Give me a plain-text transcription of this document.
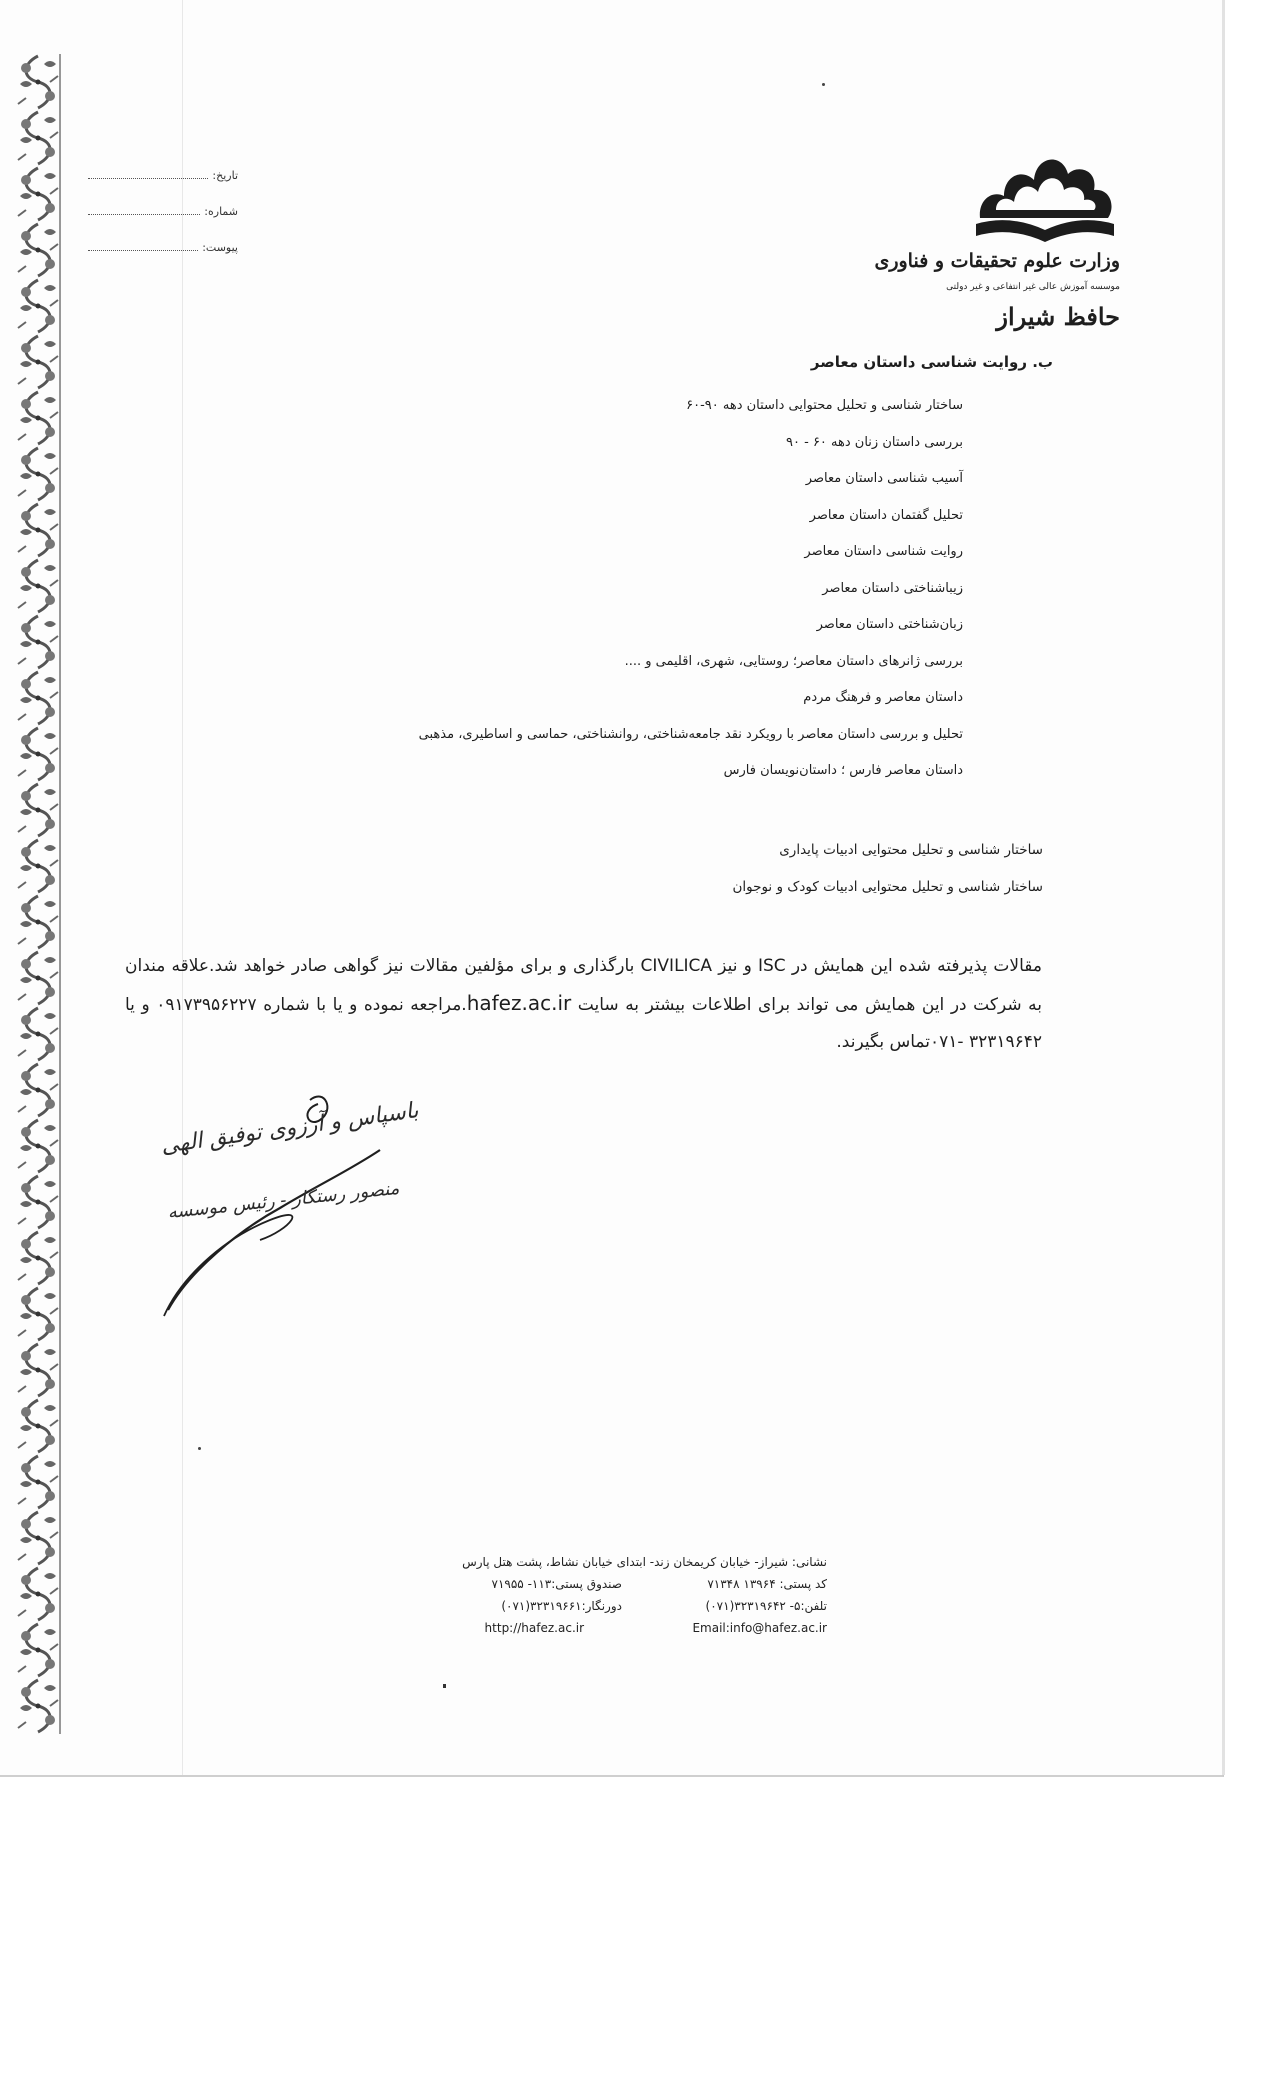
تاریخ:
شماره:
پیوست:
وزارت علوم تحقیقات و فناوری
موسسه آموزش عالی غیر انتفاعی و غیر دولتی
حافظ شیراز
ب. روایت شناسی داستان معاصر
ساختار شناسی و تحلیل محتوایی داستان دهه ۹۰-۶۰
بررسی داستان زنان دهه ۶۰ - ۹۰
آسیب شناسی داستان معاصر
تحلیل گفتمان داستان معاصر
روایت شناسی داستان معاصر
زیباشناختی داستان معاصر
زبان‌شناختی داستان معاصر
بررسی ژانرهای داستان معاصر؛ روستایی، شهری، اقلیمی و ....
داستان معاصر و فرهنگ مردم
تحلیل و بررسی داستان معاصر با رویکرد نقد جامعه‌شناختی، روانشناختی، حماسی و اساطیری، مذهبی
داستان معاصر فارس ؛ داستان‌نویسان فارس
ساختار شناسی و تحلیل محتوایی ادبیات پایداری
ساختار شناسی و تحلیل محتوایی ادبیات کودک و نوجوان
مقالات پذیرفته شده این همایش در ISC و نیز CIVILICA بارگذاری و برای مؤلفین مقالات نیز گواهی صادر خواهد شد.علاقه مندان به شرکت در این همایش می تواند برای اطلاعات بیشتر به سایت hafez.ac.ir.مراجعه نموده و یا با شماره ۰۹۱۷۳۹۵۶۲۲۷ و یا ۳۲۳۱۹۶۴۲ -۰۷۱تماس بگیرند.
باسپاس و آرزوی توفیق الهی
منصور رستگار - رئیس موسسه
نشانی: شیراز- خیابان کریمخان زند- ابتدای خیابان نشاط، پشت هتل پارس
کد پستی: ۱۳۹۶۴ ۷۱۳۴۸
صندوق پستی:۱۱۳- ۷۱۹۵۵
تلفن:۵- ۳۲۳۱۹۶۴۲(۰۷۱)
دورنگار:۳۲۳۱۹۶۶۱(۰۷۱)
Email:info@hafez.ac.ir
http://hafez.ac.ir
